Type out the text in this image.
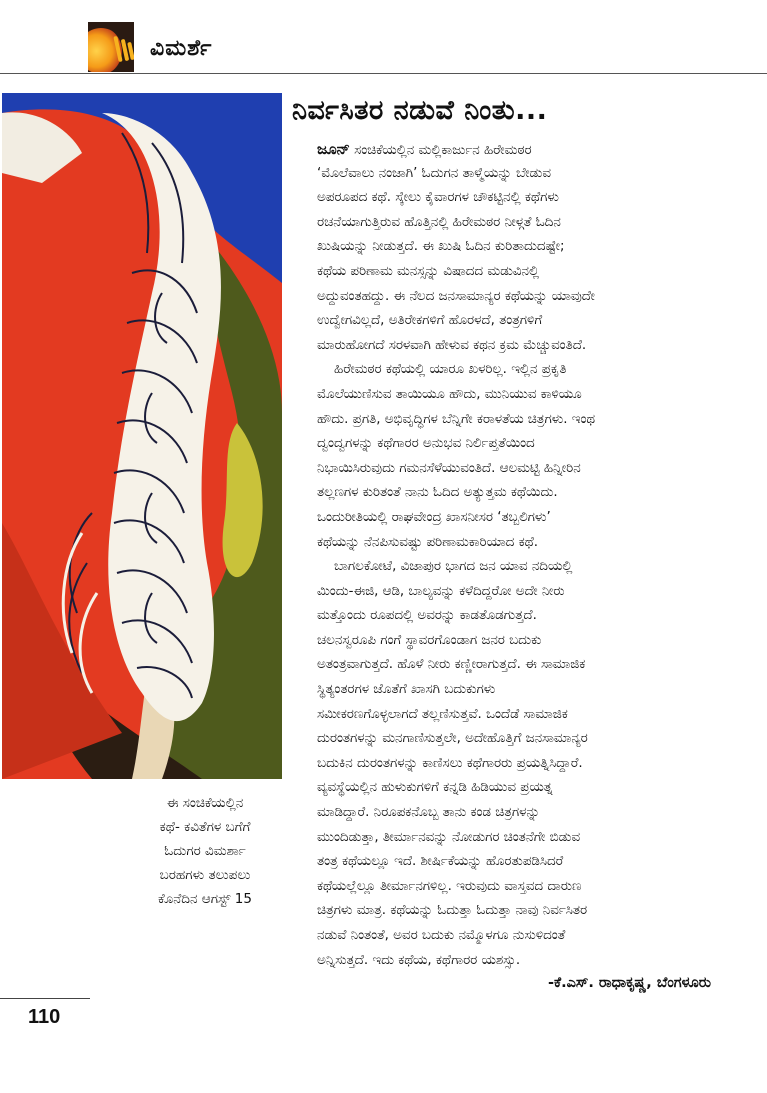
ವಿಮರ್ಶೆ
ಈ ಸಂಚಿಕೆಯಲ್ಲಿನ
ಕಥೆ- ಕವಿತೆಗಳ ಬಗೆಗೆ
ಓದುಗರ ವಿಮರ್ಶಾ
ಬರಹಗಳು ತಲುಪಲು
ಕೊನೆದಿನ ಆಗಸ್ಟ್ 15
ನಿರ್ವಸಿತರ ನಡುವೆ ನಿಂತು...
ಜೂನ್ ಸಂಚಿಕೆಯಲ್ಲಿನ ಮಲ್ಲಿಕಾರ್ಜುನ ಹಿರೇಮಠರ
‘ಮೊಲೆವಾಲು ನಂಜಾಗಿ’ ಓದುಗನ ತಾಳ್ಮೆಯನ್ನು ಬೇಡುವ
ಅಪರೂಪದ ಕಥೆ. ಸ್ಕೇಲು ಕೈವಾರಗಳ ಚೌಕಟ್ಟಿನಲ್ಲಿ ಕಥೆಗಳು
ರಚನೆಯಾಗುತ್ತಿರುವ ಹೊತ್ತಿನಲ್ಲಿ ಹಿರೇಮಠರ ನೀಳ್ಗತೆ ಓದಿನ
ಖುಷಿಯನ್ನು ನೀಡುತ್ತದೆ. ಈ ಖುಷಿ ಓದಿನ ಕುರಿತಾದುದಷ್ಟೇ;
ಕಥೆಯ ಪರಿಣಾಮ ಮನಸ್ಸನ್ನು ವಿಷಾದದ ಮಡುವಿನಲ್ಲಿ
ಅದ್ದುವಂತಹದ್ದು. ಈ ನೆಲದ ಜನಸಾಮಾನ್ಯರ ಕಥೆಯನ್ನು ಯಾವುದೇ
ಉದ್ವೇಗವಿಲ್ಲದೆ, ಅತಿರೇಕಗಳಿಗೆ ಹೊರಳದೆ, ತಂತ್ರಗಳಿಗೆ
ಮಾರುಹೋಗದೆ ಸರಳವಾಗಿ ಹೇಳುವ ಕಥನ ಕ್ರಮ ಮೆಚ್ಚುವಂತಿದೆ.
ಹಿರೇಮಠರ ಕಥೆಯಲ್ಲಿ ಯಾರೂ ಖಳರಿಲ್ಲ. ಇಲ್ಲಿನ ಪ್ರಕೃತಿ
ಮೊಲೆಯುಣಿಸುವ ತಾಯಿಯೂ ಹೌದು, ಮುನಿಯುವ ಕಾಳಿಯೂ
ಹೌದು. ಪ್ರಗತಿ, ಅಭಿವೃದ್ಧಿಗಳ ಬೆನ್ನಿಗೇ ಕರಾಳತೆಯ ಚಿತ್ರಗಳು. ಇಂಥ
ದ್ವಂದ್ವಗಳನ್ನು ಕಥೆಗಾರರ ಅನುಭವ ನಿರ್ಲಿಪ್ತತೆಯಿಂದ
ನಿಭಾಯಿಸಿರುವುದು ಗಮನಸೆಳೆಯುವಂತಿದೆ. ಆಲಮಟ್ಟಿ ಹಿನ್ನೀರಿನ
ತಲ್ಲಣಗಳ ಕುರಿತಂತೆ ನಾನು ಓದಿದ ಅತ್ಯುತ್ತಮ ಕಥೆಯಿದು.
ಒಂದುರೀತಿಯಲ್ಲಿ ರಾಘವೇಂದ್ರ ಖಾಸನೀಸರ ‘ತಬ್ಬಲಿಗಳು’
ಕಥೆಯನ್ನು ನೆನಪಿಸುವಷ್ಟು ಪರಿಣಾಮಕಾರಿಯಾದ ಕಥೆ.
ಬಾಗಲಕೋಟೆ, ವಿಜಾಪುರ ಭಾಗದ ಜನ ಯಾವ ನದಿಯಲ್ಲಿ
ಮಿಂದು-ಈಜಿ, ಆಡಿ, ಬಾಲ್ಯವನ್ನು ಕಳೆದಿದ್ದರೋ ಅದೇ ನೀರು
ಮತ್ತೊಂದು ರೂಪದಲ್ಲಿ ಅವರನ್ನು ಕಾಡತೊಡಗುತ್ತದೆ.
ಚಲನಸ್ವರೂಪಿ ಗಂಗೆ ಸ್ಥಾವರಗೊಂಡಾಗ ಜನರ ಬದುಕು
ಅತಂತ್ರವಾಗುತ್ತದೆ. ಹೊಳೆ ನೀರು ಕಣ್ಣೀರಾಗುತ್ತದೆ. ಈ ಸಾಮಾಜಿಕ
ಸ್ಥಿತ್ಯಂತರಗಳ ಜೊತೆಗೆ ಖಾಸಗಿ ಬದುಕುಗಳು
ಸಮೀಕರಣಗೊಳ್ಳಲಾಗದೆ ತಲ್ಲಣಿಸುತ್ತವೆ. ಒಂದೆಡೆ ಸಾಮಾಜಿಕ
ದುರಂತಗಳನ್ನು ಮನಗಾಣಿಸುತ್ತಲೇ, ಅದೇಹೊತ್ತಿಗೆ ಜನಸಾಮಾನ್ಯರ
ಬದುಕಿನ ದುರಂತಗಳನ್ನು ಕಾಣಿಸಲು ಕಥೆಗಾರರು ಪ್ರಯತ್ನಿಸಿದ್ದಾರೆ.
ವ್ಯವಸ್ಥೆಯಲ್ಲಿನ ಹುಳುಕುಗಳಿಗೆ ಕನ್ನಡಿ ಹಿಡಿಯುವ ಪ್ರಯತ್ನ
ಮಾಡಿದ್ದಾರೆ. ನಿರೂಪಕನೊಬ್ಬ ತಾನು ಕಂಡ ಚಿತ್ರಗಳನ್ನು
ಮುಂದಿಡುತ್ತಾ, ತೀರ್ಮಾನವನ್ನು ನೋಡುಗರ ಚಿಂತನೆಗೇ ಬಿಡುವ
ತಂತ್ರ ಕಥೆಯಲ್ಲೂ ಇದೆ. ಶೀರ್ಷಿಕೆಯನ್ನು ಹೊರತುಪಡಿಸಿದರೆ
ಕಥೆಯಲ್ಲೆಲ್ಲೂ ತೀರ್ಮಾನಗಳಿಲ್ಲ. ಇರುವುದು ವಾಸ್ತವದ ದಾರುಣ
ಚಿತ್ರಗಳು ಮಾತ್ರ. ಕಥೆಯನ್ನು ಓದುತ್ತಾ ಓದುತ್ತಾ ನಾವು ನಿರ್ವಸಿತರ
ನಡುವೆ ನಿಂತಂತೆ, ಅವರ ಬದುಕು ನಮ್ಮೊಳಗೂ ನುಸುಳಿದಂತೆ
ಅನ್ನಿಸುತ್ತದೆ. ಇದು ಕಥೆಯ, ಕಥೆಗಾರರ ಯಶಸ್ಸು.
-ಕೆ.ಎಸ್. ರಾಧಾಕೃಷ್ಣ, ಬೆಂಗಳೂರು
110
